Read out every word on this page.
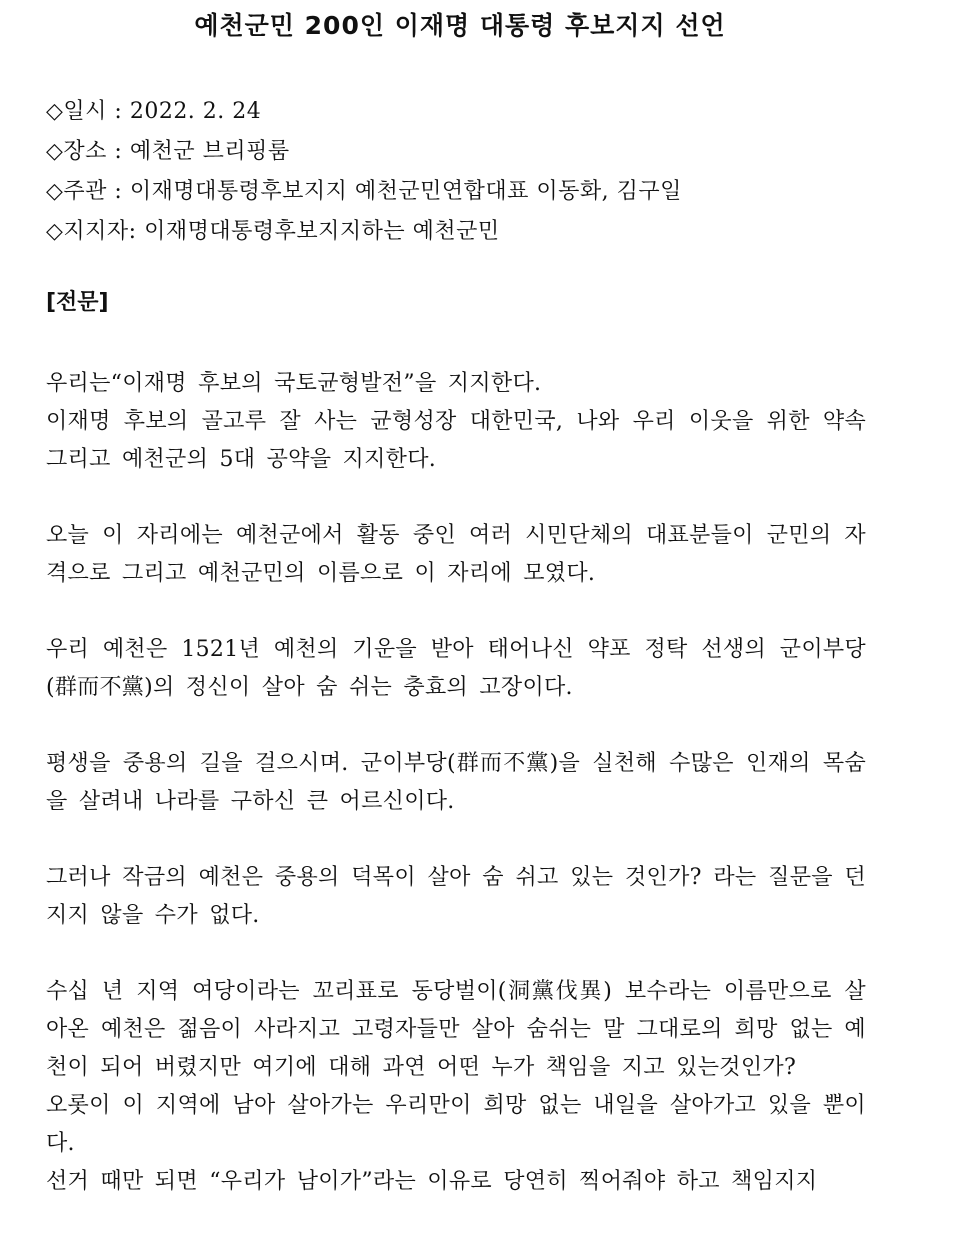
예천군민 200인 이재명 대통령 후보지지 선언
◇일시 : 2022. 2. 24
◇장소 : 예천군 브리핑룸
◇주관 : 이재명대통령후보지지 예천군민연합대표 이동화, 김구일
◇지지자: 이재명대통령후보지지하는 예천군민
[전문]

우리는“이재명 후보의 국토균형발전”을 지지한다.

이재명 후보의 골고루 잘 사는 균형성장 대한민국, 나와 우리 이웃을 위한 약속 그리고 예천군의 5대 공약을 지지한다.

오늘 이 자리에는 예천군에서 활동 중인 여러 시민단체의 대표분들이 군민의 자격으로 그리고 예천군민의 이름으로 이 자리에 모였다.

우리 예천은 1521년 예천의 기운을 받아 태어나신 약포 정탁 선생의 군이부당(群而不黨)의 정신이 살아 숨 쉬는 충효의 고장이다.

평생을 중용의 길을 걸으시며. 군이부당(群而不黨)을 실천해 수많은 인재의 목숨을 살려내 나라를 구하신 큰 어르신이다.

그러나 작금의 예천은 중용의 덕목이 살아 숨 쉬고 있는 것인가? 라는 질문을 던지지 않을 수가 없다.

수십 년 지역 여당이라는 꼬리표로 동당벌이(洞黨伐異) 보수라는 이름만으로 살아온 예천은 젊음이 사라지고 고령자들만 살아 숨쉬는 말 그대로의 희망 없는 예천이 되어 버렸지만 여기에 대해 과연 어떤 누가 책임을 지고 있는것인가?

오롯이 이 지역에 남아 살아가는 우리만이 희망 없는 내일을 살아가고 있을 뿐이다.

선거 때만 되면 “우리가 남이가”라는 이유로 당연히 찍어줘야 하고 책임지지
